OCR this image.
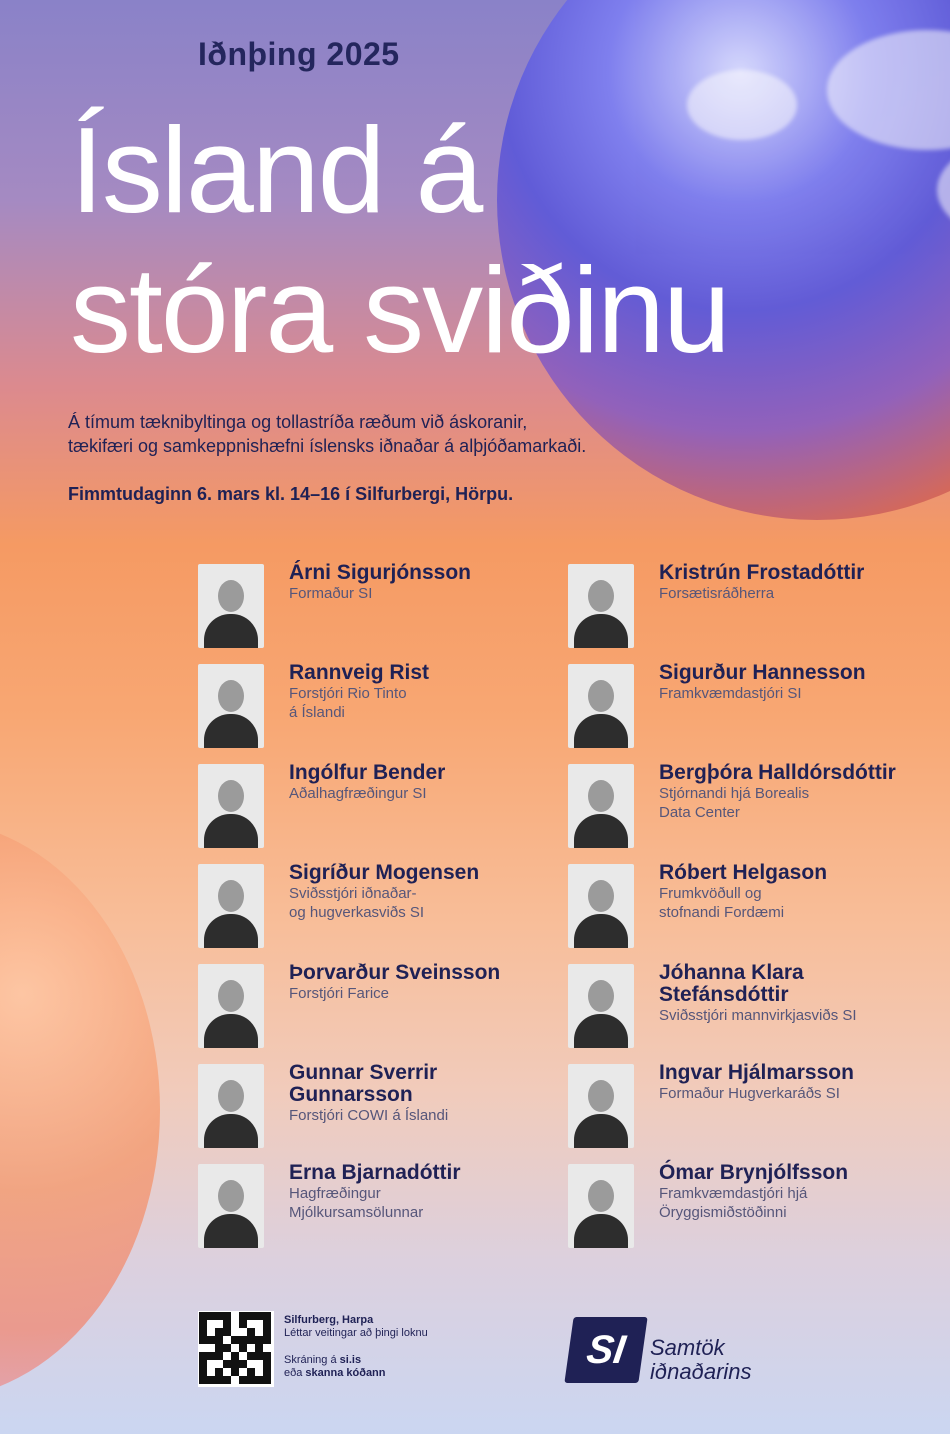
Iðnþing 2025
Ísland á
stóra sviðinu
Á tímum tæknibyltinga og tollastríða ræðum við áskoranir,
tækifæri og samkeppnishæfni íslensks iðnaðar á alþjóðamarkaði.
Fimmtudaginn 6. mars kl. 14–16 í Silfurbergi, Hörpu.
Árni Sigurjónsson
Formaður SI
Rannveig Rist
Forstjóri Rio Tinto
á Íslandi
Ingólfur Bender
Aðalhagfræðingur SI
Sigríður Mogensen
Sviðsstjóri iðnaðar-
og hugverkasviðs SI
Þorvarður Sveinsson
Forstjóri Farice
Gunnar Sverrir
Gunnarsson
Forstjóri COWI á Íslandi
Erna Bjarnadóttir
Hagfræðingur
Mjólkursamsölunnar
Kristrún Frostadóttir
Forsætisráðherra
Sigurður Hannesson
Framkvæmdastjóri SI
Bergþóra Halldórsdóttir
Stjórnandi hjá Borealis
Data Center
Róbert Helgason
Frumkvöðull og
stofnandi Fordæmi
Jóhanna Klara
Stefánsdóttir
Sviðsstjóri mannvirkjasviðs SI
Ingvar Hjálmarsson
Formaður Hugverkaráðs SI
Ómar Brynjólfsson
Framkvæmdastjóri hjá
Öryggismiðstöðinni
Silfurberg, Harpa
Léttar veitingar að þingi loknu
Skráning á si.is
eða skanna kóðann
SI	Samtök
iðnaðarins
